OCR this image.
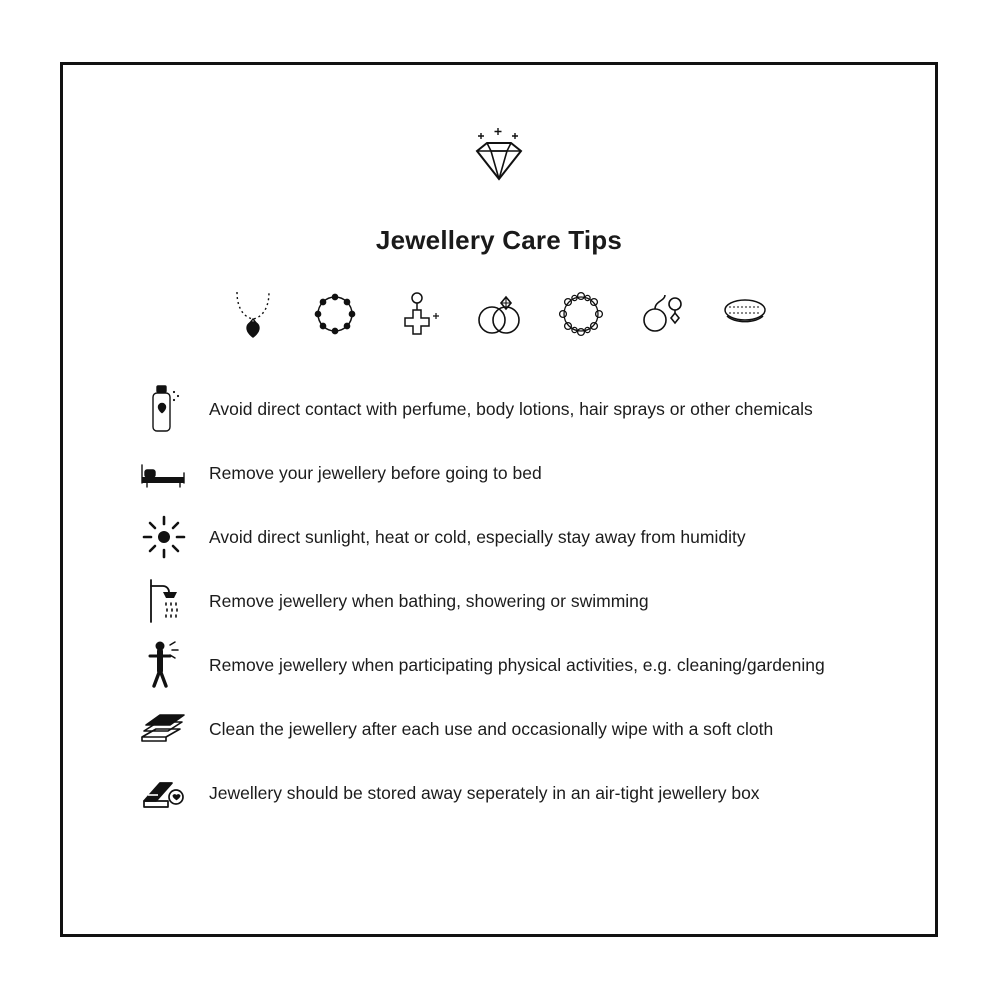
Jewellery Care Tips
Avoid direct contact with perfume, body lotions, hair sprays or other chemicals
Remove your jewellery before going to bed
Avoid direct sunlight, heat or cold, especially stay away from humidity
Remove jewellery when bathing, showering or swimming
Remove jewellery when participating physical activities, e.g. cleaning/gardening
Clean the jewellery after each use and occasionally wipe with a soft cloth
Jewellery should be stored away seperately in an air-tight jewellery box
